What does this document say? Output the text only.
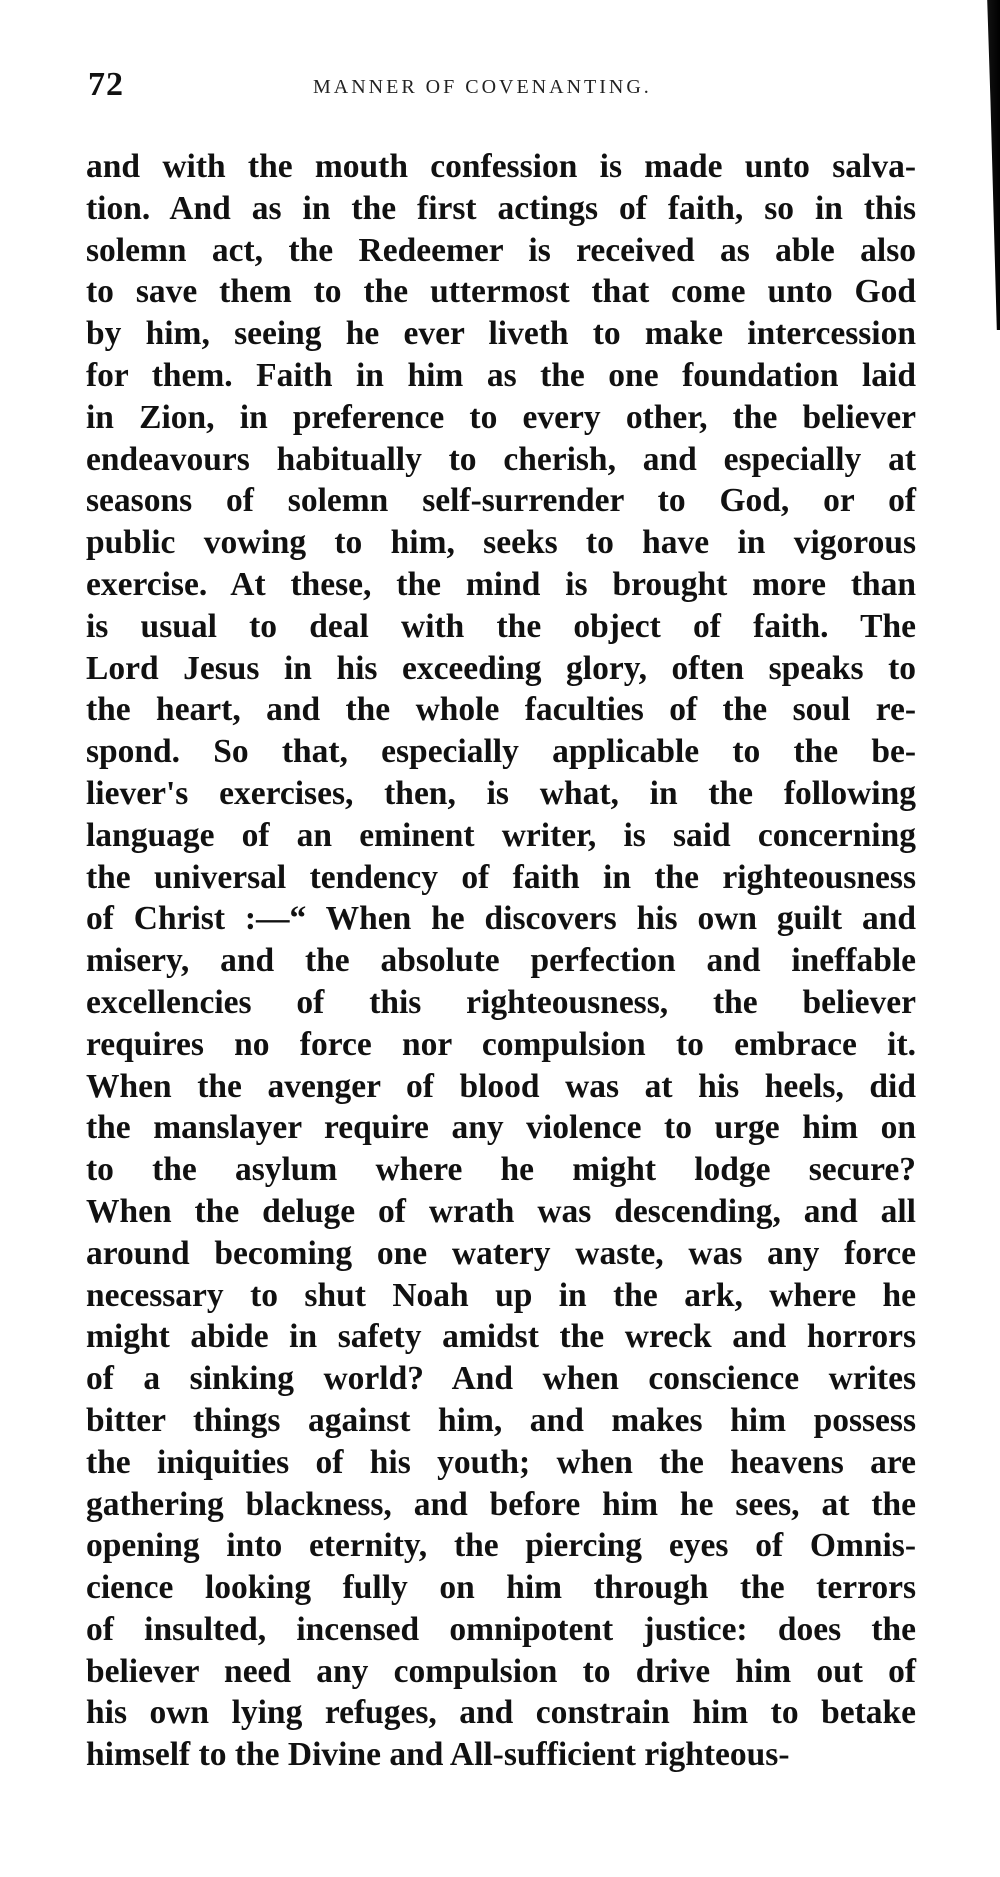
72	MANNER OF COVENANTING.
and with the mouth confession is made unto salva-
tion. And as in the first actings of faith, so in this
solemn act, the Redeemer is received as able also
to save them to the uttermost that come unto God
by him, seeing he ever liveth to make intercession
for them. Faith in him as the one foundation laid
in Zion, in preference to every other, the believer
endeavours habitually to cherish, and especially at
seasons of solemn self-surrender to God, or of
public vowing to him, seeks to have in vigorous
exercise. At these, the mind is brought more than
is usual to deal with the object of faith. The
Lord Jesus in his exceeding glory, often speaks to
the heart, and the whole faculties of the soul re-
spond. So that, especially applicable to the be-
liever's exercises, then, is what, in the following
language of an eminent writer, is said concerning
the universal tendency of faith in the righteousness
of Christ :—“ When he discovers his own guilt and
misery, and the absolute perfection and ineffable
excellencies of this righteousness, the believer
requires no force nor compulsion to embrace it.
When the avenger of blood was at his heels, did
the manslayer require any violence to urge him on
to the asylum where he might lodge secure?
When the deluge of wrath was descending, and all
around becoming one watery waste, was any force
necessary to shut Noah up in the ark, where he
might abide in safety amidst the wreck and horrors
of a sinking world? And when conscience writes
bitter things against him, and makes him possess
the iniquities of his youth; when the heavens are
gathering blackness, and before him he sees, at the
opening into eternity, the piercing eyes of Omnis-
cience looking fully on him through the terrors
of insulted, incensed omnipotent justice: does the
believer need any compulsion to drive him out of
his own lying refuges, and constrain him to betake
himself to the Divine and All-sufficient righteous-
